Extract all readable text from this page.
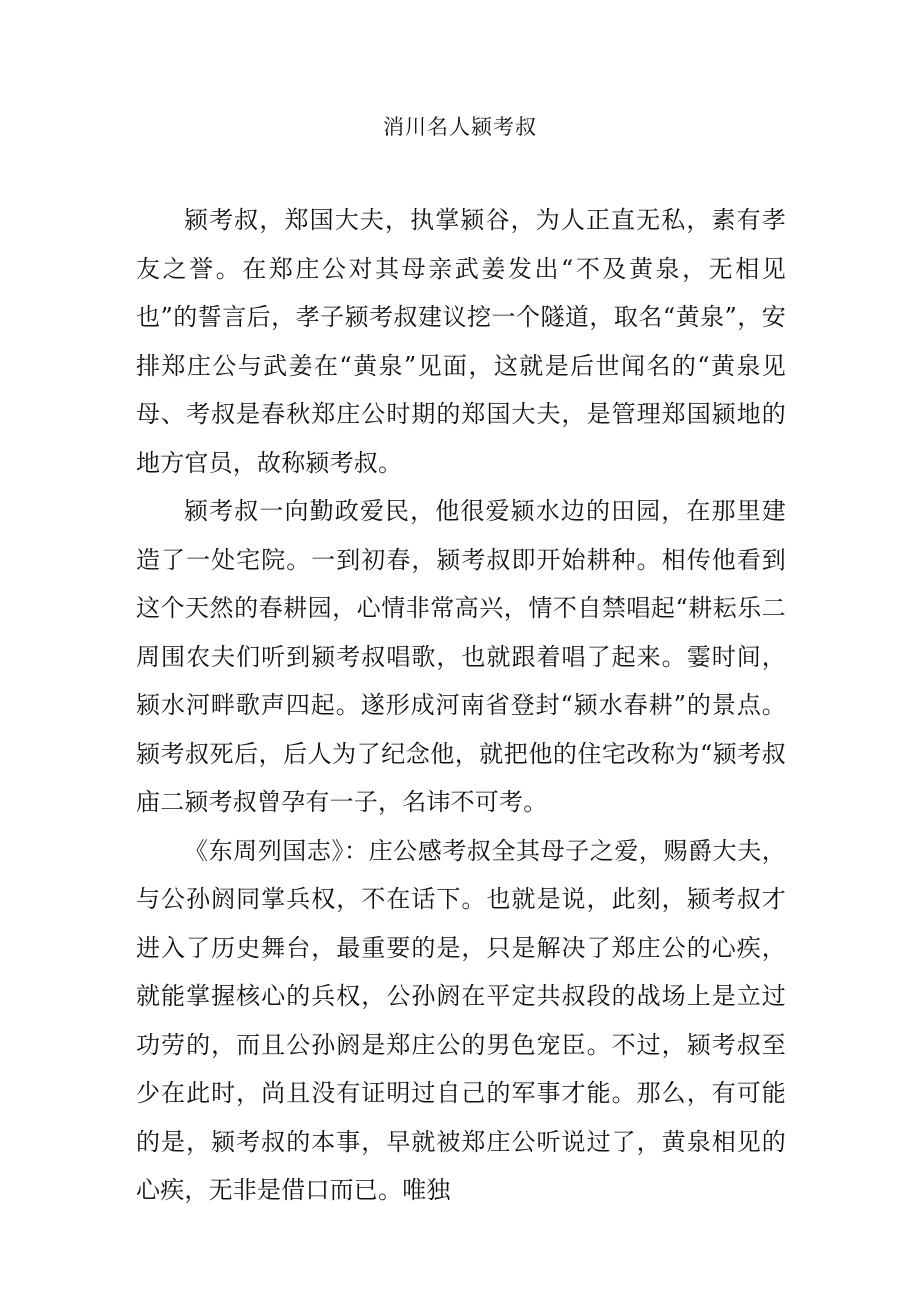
消川名人颍考叔

颍考叔，郑国大夫，执掌颍谷，为人正直无私，素有孝友之誉。在郑庄公对其母亲武姜发出“不及黄泉，无相见也”的誓言后，孝子颍考叔建议挖一个隧道，取名“黄泉”，安排郑庄公与武姜在“黄泉”见面，这就是后世闻名的“黄泉见母、考叔是春秋郑庄公时期的郑国大夫，是管理郑国颍地的地方官员，故称颍考叔。

颍考叔一向勤政爱民，他很爱颍水边的田园，在那里建造了一处宅院。一到初春，颍考叔即开始耕种。相传他看到这个天然的春耕园，心情非常高兴，情不自禁唱起“耕耘乐二周围农夫们听到颍考叔唱歌，也就跟着唱了起来。霎时间，颍水河畔歌声四起。遂形成河南省登封“颍水春耕”的景点。颍考叔死后，后人为了纪念他，就把他的住宅改称为“颍考叔庙二颍考叔曾孕有一子，名讳不可考。

《东周列国志》：庄公感考叔全其母子之爱，赐爵大夫，与公孙阏同掌兵权，不在话下。也就是说，此刻，颍考叔才进入了历史舞台，最重要的是，只是解决了郑庄公的心疾，就能掌握核心的兵权，公孙阏在平定共叔段的战场上是立过功劳的，而且公孙阏是郑庄公的男色宠臣。不过，颍考叔至少在此时，尚且没有证明过自己的军事才能。那么，有可能的是，颍考叔的本事，早就被郑庄公听说过了，黄泉相见的心疾，无非是借口而已。唯独
